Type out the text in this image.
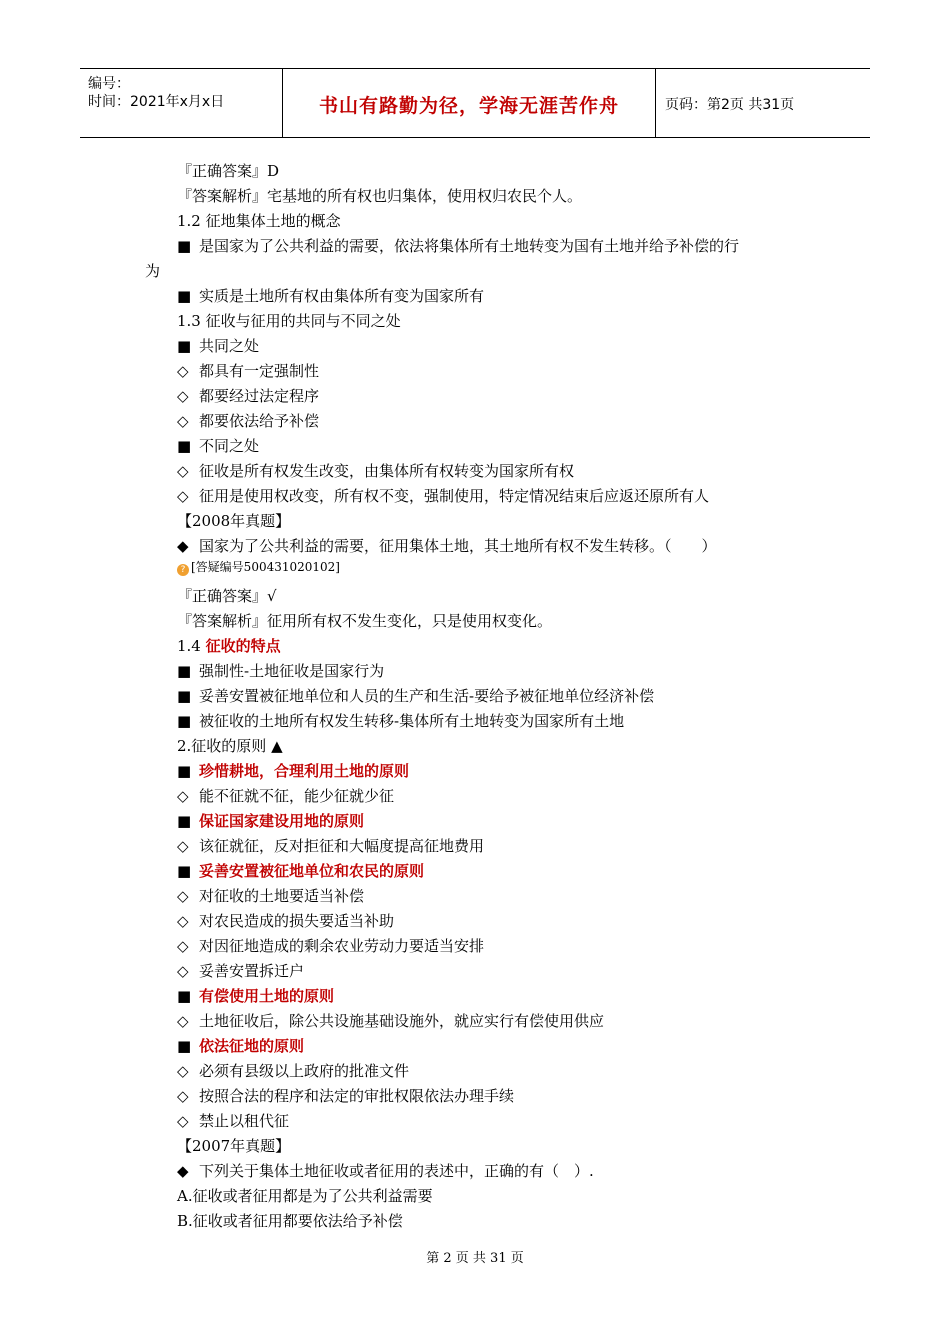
编号：
时间：2021年x月x日	书山有路勤为径，学海无涯苦作舟	页码：第2页 共31页
『正确答案』D
『答案解析』宅基地的所有权也归集体，使用权归农民个人。
1.2 征地集体土地的概念
■ 是国家为了公共利益的需要，依法将集体所有土地转变为国有土地并给予补偿的行
为
■ 实质是土地所有权由集体所有变为国家所有
1.3 征收与征用的共同与不同之处
■ 共同之处
◇ 都具有一定强制性
◇ 都要经过法定程序
◇ 都要依法给予补偿
■ 不同之处
◇ 征收是所有权发生改变，由集体所有权转变为国家所有权
◇ 征用是使用权改变，所有权不变，强制使用，特定情况结束后应返还原所有人
【2008年真题】
◆ 国家为了公共利益的需要，征用集体土地，其土地所有权不发生转移。（　　）
? [答疑编号500431020102]
『正确答案』√
『答案解析』征用所有权不发生变化，只是使用权变化。
1.4 征收的特点
■ 强制性-土地征收是国家行为
■ 妥善安置被征地单位和人员的生产和生活-要给予被征地单位经济补偿
■ 被征收的土地所有权发生转移-集体所有土地转变为国家所有土地
2.征收的原则 ▲
■ 珍惜耕地，合理利用土地的原则
◇ 能不征就不征，能少征就少征
■ 保证国家建设用地的原则
◇ 该征就征，反对拒征和大幅度提高征地费用
■ 妥善安置被征地单位和农民的原则
◇ 对征收的土地要适当补偿
◇ 对农民造成的损失要适当补助
◇ 对因征地造成的剩余农业劳动力要适当安排
◇ 妥善安置拆迁户
■ 有偿使用土地的原则
◇ 土地征收后，除公共设施基础设施外，就应实行有偿使用供应
■ 依法征地的原则
◇ 必须有县级以上政府的批准文件
◇ 按照合法的程序和法定的审批权限依法办理手续
◇ 禁止以租代征
【2007年真题】
◆ 下列关于集体土地征收或者征用的表述中，正确的有（　）.
A.征收或者征用都是为了公共利益需要
B.征收或者征用都要依法给予补偿
第 2 页 共 31 页
